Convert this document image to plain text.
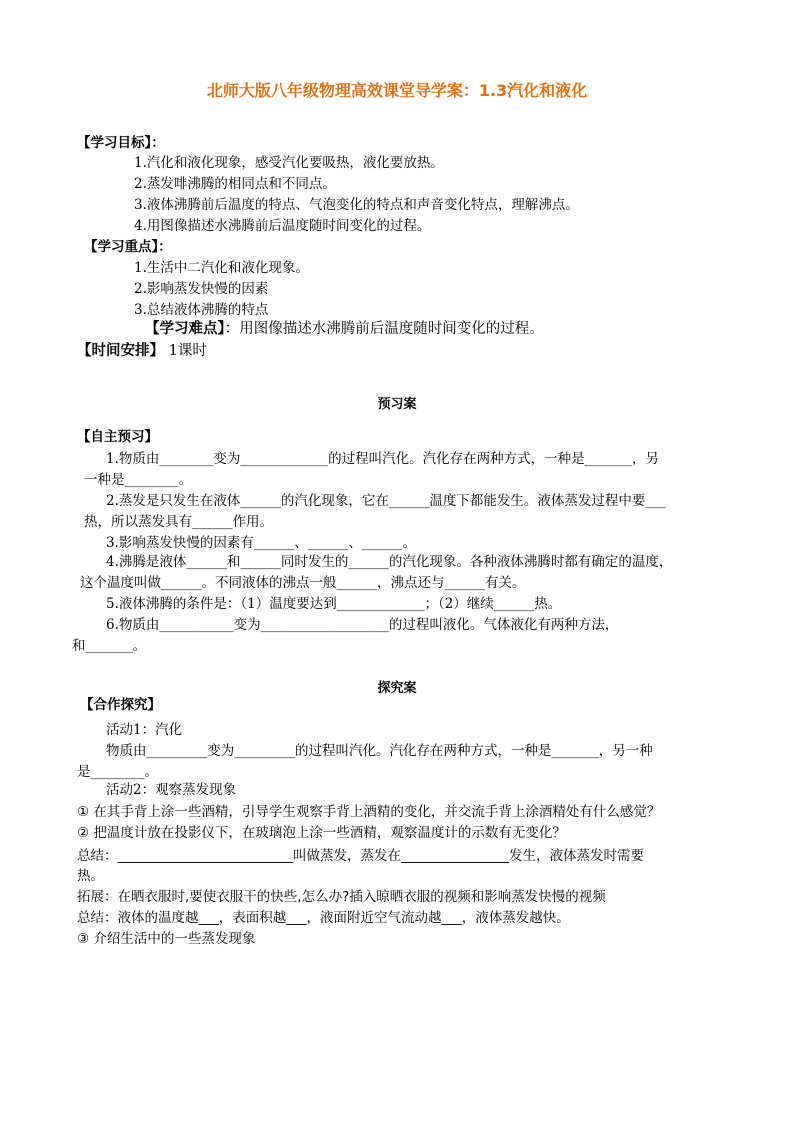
北师大版八年级物理高效课堂导学案：1.3汽化和液化
【学习目标】：
1.汽化和液化现象，感受汽化要吸热，液化要放热。
2.蒸发啡沸腾的相同点和不同点。
3.液体沸腾前后温度的特点、气泡变化的特点和声音变化特点，理解沸点。
4.用图像描述水沸腾前后温度随时间变化的过程。
【学习重点】：
1.生活中二汽化和液化现象。
2.影响蒸发快慢的因素
3.总结液体沸腾的特点
【学习难点】：用图像描述水沸腾前后温度随时间变化的过程。
【时间安排】 1课时
预习案
【自主预习】
1.物质由________变为_____________的过程叫汽化。汽化存在两种方式，一种是_______，另
一种是________。
2.蒸发是只发生在液体______的汽化现象，它在______温度下都能发生。液体蒸发过程中要___
热，所以蒸发具有______作用。
3.影响蒸发快慢的因素有______、______、______。
4.沸腾是液体______和______同时发生的______的汽化现象。各种液体沸腾时都有确定的温度，
这个温度叫做______。不同液体的沸点一般______，沸点还与______有关。
5.液体沸腾的条件是：（1）温度要达到_____________；（2）继续______热。
6.物质由___________变为___________________的过程叫液化。气体液化有两种方法，
和_______。
探究案
【合作探究】
活动1：汽化
物质由_________变为_________的过程叫汽化。汽化存在两种方式，一种是_______，另一种
是________。
活动2：观察蒸发现象
① 在其手背上涂一些酒精，引导学生观察手背上酒精的变化，并交流手背上涂酒精处有什么感觉？
② 把温度计放在投影仪下，在玻璃泡上涂一些酒精，观察温度计的示数有无变化？
总结：__________________________叫做蒸发，蒸发在________________发生，液体蒸发时需要
热。
拓展：在晒衣服时,要使衣服干的快些,怎么办?插入晾晒衣服的视频和影响蒸发快慢的视频
总结：液体的温度越___，表面积越___，液面附近空气流动越___，液体蒸发越快。
③ 介绍生活中的一些蒸发现象
